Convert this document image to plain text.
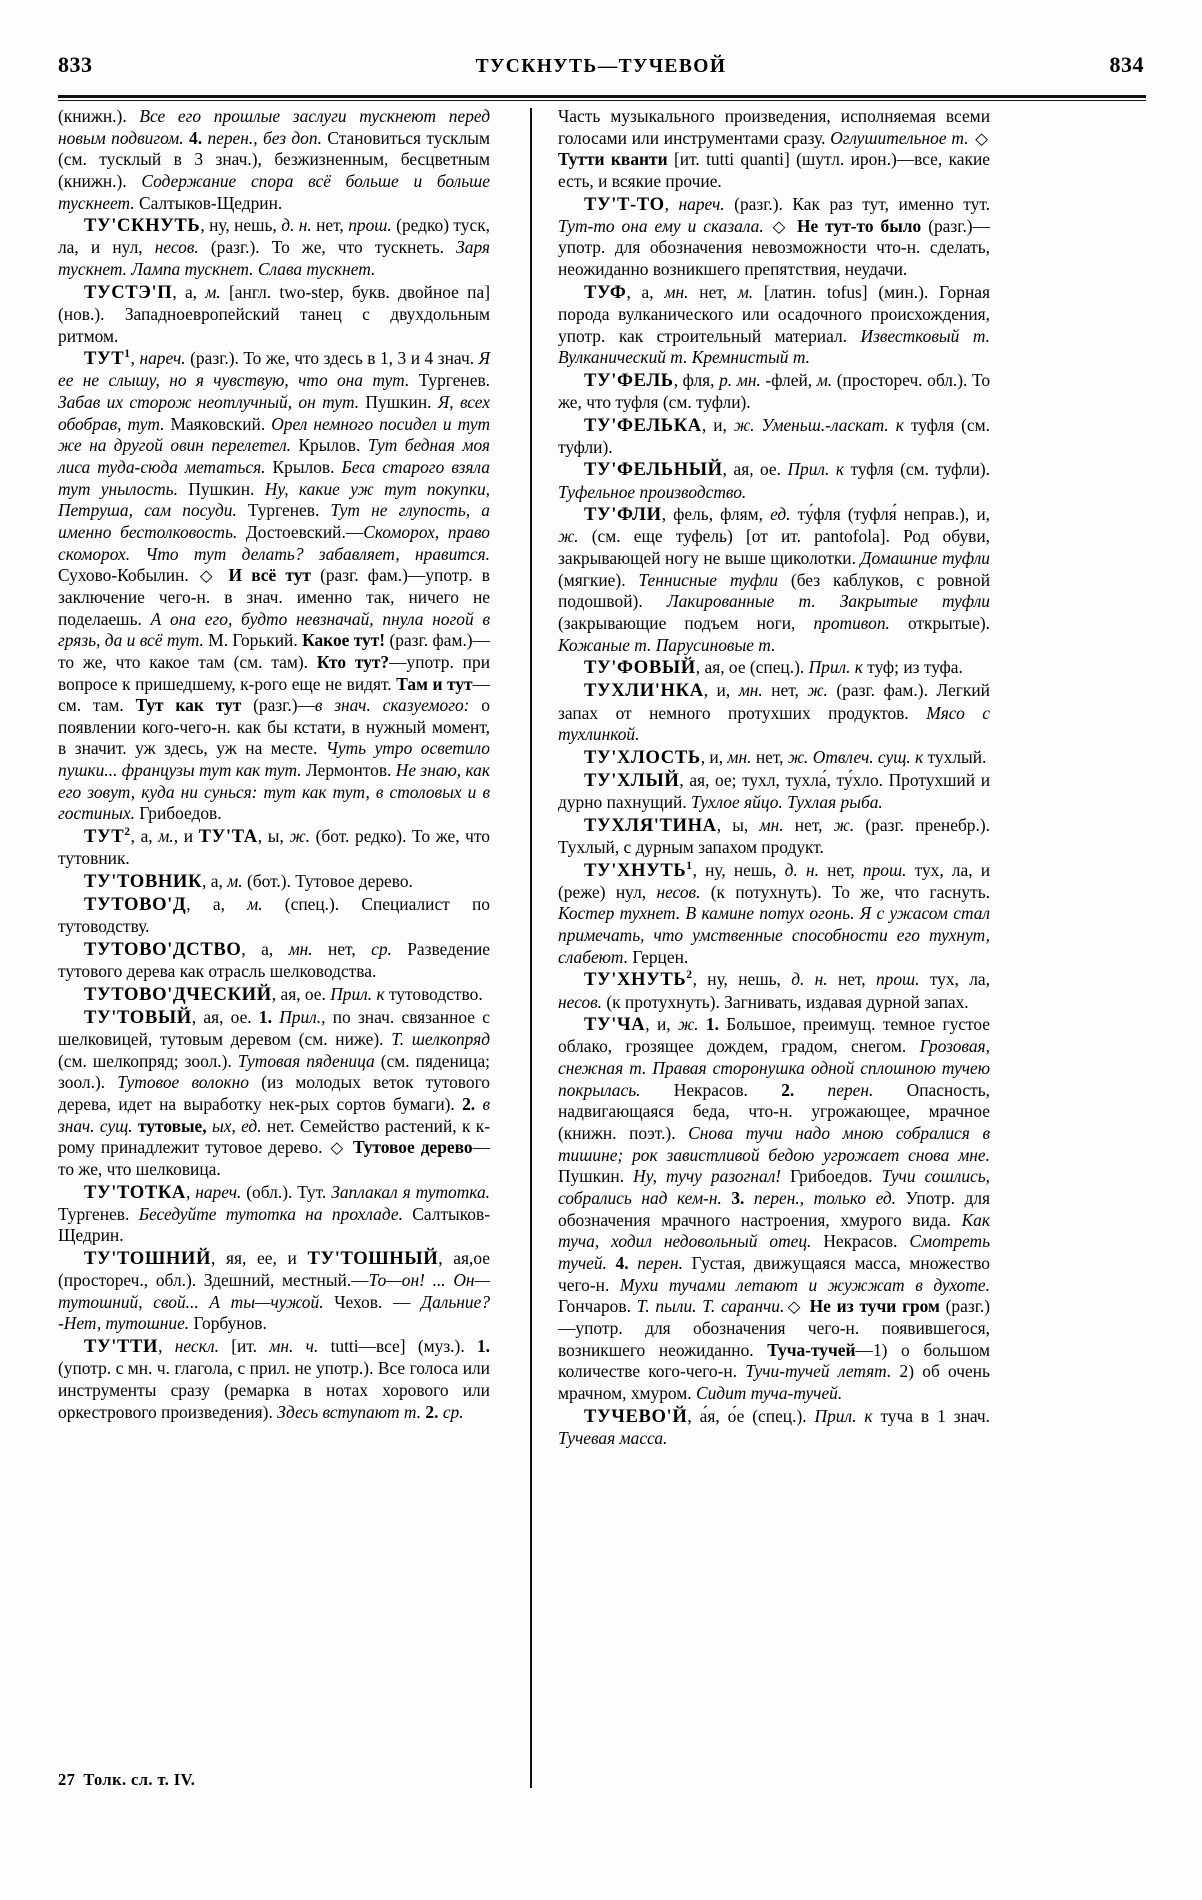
833	ТУСКНУТЬ—ТУЧЕВОЙ	834

(книжн.). Все его прошлые заслуги тускнеют перед новым подвигом. 4. перен., без доп. Становиться тусклым (см. тусклый в 3 знач.), безжизненным, бесцветным (книжн.). Содержание спора всё больше и больше тускнеет. Салтыков-Щедрин.

ТУ'СКНУТЬ, ну, нешь, д. н. нет, прош. (редко) туск, ла, и нул, несов. (разг.). То же, что тускнеть. Заря тускнет. Лампа тускнет. Слава тускнет.

ТУСТЭ'П, а, м. [англ. two-step, букв. двойное па] (нов.). Западноевропейский танец с двухдольным ритмом.

ТУТ$^1$, нареч. (разг.). То же, что здесь в 1, 3 и 4 знач. Я ее не слышу, но я чувствую, что она тут. Тургенев. Забав их сторож неотлучный, он тут. Пушкин. Я, всех обобрав, тут. Маяковский. Орел немного посидел и тут же на другой овин перелетел. Крылов. Тут бедная моя лиса туда-сюда метаться. Крылов. Беса старого взяла тут унылость. Пушкин. Ну, какие уж тут покупки, Петруша, сам посуди. Тургенев. Тут не глупость, а именно бестолковость. Достоевский.—Скоморох, право скоморох. Что тут делать? забавляет, нравится. Сухово-Кобылин. ◇ И всё тут (разг. фам.)—употр. в заключение чего-н. в знач. именно так, ничего не поделаешь. А она его, будто невзначай, пнула ногой в грязь, да и всё тут. М. Горький. Какое тут! (разг. фам.)—то же, что какое там (см. там). Кто тут?—употр. при вопросе к пришедшему, к-рого еще не видят. Там и тут—см. там. Тут как тут (разг.)—в знач. сказуемого: о появлении кого-чего-н. как бы кстати, в нужный момент, в значит. уж здесь, уж на месте. Чуть утро осветило пушки... французы тут как тут. Лермонтов. Не знаю, как его зовут, куда ни сунься: тут как тут, в столовых и в гостиных. Грибоедов.

ТУТ$^2$, а, м., и ТУ'ТА, ы, ж. (бот. редко). То же, что тутовник.

ТУ'ТОВНИК, а, м. (бот.). Тутовое дерево.

ТУТОВО'Д, а, м. (спец.). Специалист по тутоводству.

ТУТОВО'ДСТВО, а, мн. нет, ср. Разведение тутового дерева как отрасль шелководства.

ТУТОВО'ДЧЕСКИЙ, ая, ое. Прил. к тутоводство.

ТУ'ТОВЫЙ, ая, ое. 1. Прил., по знач. связанное с шелковицей, тутовым деревом (см. ниже). Т. шелкопряд (см. шелкопряд; зоол.). Тутовая пяденица (см. пяденица; зоол.). Тутовое волокно (из молодых веток тутового дерева, идет на выработку нек-рых сортов бумаги). 2. в знач. сущ. тутовые, ых, ед. нет. Семейство растений, к к-рому принадлежит тутовое дерево. ◇ Тутовое дерево—то же, что шелковица.

ТУ'ТОТКА, нареч. (обл.). Тут. Заплакал я тутотка. Тургенев. Беседуйте тутотка на прохладе. Салтыков-Щедрин.

ТУ'ТОШНИЙ, яя, ее, и ТУ'ТОШНЫЙ, ая,ое (простореч., обл.). Здешний, местный.—То—он! ... Он—тутошний, свой... А ты—чужой. Чехов. — Дальние? -Нет, тутошние. Горбунов.

ТУ'ТТИ, нескл. [ит. мн. ч. tutti—все] (муз.). 1. (употр. с мн. ч. глагола, с прил. не употр.). Все голоса или инструменты сразу (ремарка в нотах хорового или оркестрового произведения). Здесь вступают т. 2. ср.

Часть музыкального произведения, исполняемая всеми голосами или инструментами сразу. Оглушительное т. ◇ Тутти кванти [ит. tutti quanti] (шутл. ирон.)—все, какие есть, и всякие прочие.

ТУ'Т-ТО, нареч. (разг.). Как раз тут, именно тут. Тут-то она ему и сказала. ◇ Не тут-то было (разг.)—употр. для обозначения невозможности что-н. сделать, неожиданно возникшего препятствия, неудачи.

ТУФ, а, мн. нет, м. [латин. tofus] (мин.). Горная порода вулканического или осадочного происхождения, употр. как строительный материал. Известковый т. Вулканический т. Кремнистый т.

ТУ'ФЕЛЬ, фля, р. мн. -флей, м. (простореч. обл.). То же, что туфля (см. туфли).

ТУ'ФЕЛЬКА, и, ж. Уменьш.-ласкат. к туфля (см. туфли).

ТУ'ФЕЛЬНЫЙ, ая, ое. Прил. к туфля (см. туфли). Туфельное производство.

ТУ'ФЛИ, фель, флям, ед. ту́фля (туфля́ неправ.), и, ж. (см. еще туфель) [от ит. pantofola]. Род обуви, закрывающей ногу не выше щиколотки. Домашние туфли (мягкие). Теннисные туфли (без каблуков, с ровной подошвой). Лакированные т. Закрытые туфли (закрывающие подъем ноги, противоп. открытые). Кожаные т. Парусиновые т.

ТУ'ФОВЫЙ, ая, ое (спец.). Прил. к туф; из туфа.

ТУХЛИ'НКА, и, мн. нет, ж. (разг. фам.). Легкий запах от немного протухших продуктов. Мясо с тухлинкой.

ТУ'ХЛОСТЬ, и, мн. нет, ж. Отвлеч. сущ. к тухлый.

ТУ'ХЛЫЙ, ая, ое; тухл, тухла́, ту́хло. Протухший и дурно пахнущий. Тухлое яйцо. Тухлая рыба.

ТУХЛЯ'ТИНА, ы, мн. нет, ж. (разг. пренебр.). Тухлый, с дурным запахом продукт.

ТУ'ХНУТЬ$^1$, ну, нешь, д. н. нет, прош. тух, ла, и (реже) нул, несов. (к потухнуть). То же, что гаснуть. Костер тухнет. В камине потух огонь. Я с ужасом стал примечать, что умственные способности его тухнут, слабеют. Герцен.

ТУ'ХНУТЬ$^2$, ну, нешь, д. н. нет, прош. тух, ла, несов. (к протухнуть). Загнивать, издавая дурной запах.

ТУ'ЧА, и, ж. 1. Большое, преимущ. темное густое облако, грозящее дождем, градом, снегом. Грозовая, снежная т. Правая сторонушка одной сплошною тучею покрылась. Некрасов. 2. перен. Опасность, надвигающаяся беда, что-н. угрожающее, мрачное (книжн. поэт.). Снова тучи надо мною собралися в тишине; рок завистливой бедою угрожает снова мне. Пушкин. Ну, тучу разогнал! Грибоедов. Тучи сошлись, собрались над кем-н. 3. перен., только ед. Употр. для обозначения мрачного настроения, хмурого вида. Как туча, ходил недовольный отец. Некрасов. Смотреть тучей. 4. перен. Густая, движущаяся масса, множество чего-н. Мухи тучами летают и жужжат в духоте. Гончаров. Т. пыли. Т. саранчи. ◇ Не из тучи гром (разг.)—употр. для обозначения чего-н. появившегося, возникшего неожиданно. Туча-тучей—1) о большом количестве кого-чего-н. Тучи-тучей летят. 2) об очень мрачном, хмуром. Сидит туча-тучей.

ТУЧЕВО'Й, а́я, о́е (спец.). Прил. к туча в 1 знач. Тучевая масса.

27 Толк. сл. т. IV.
